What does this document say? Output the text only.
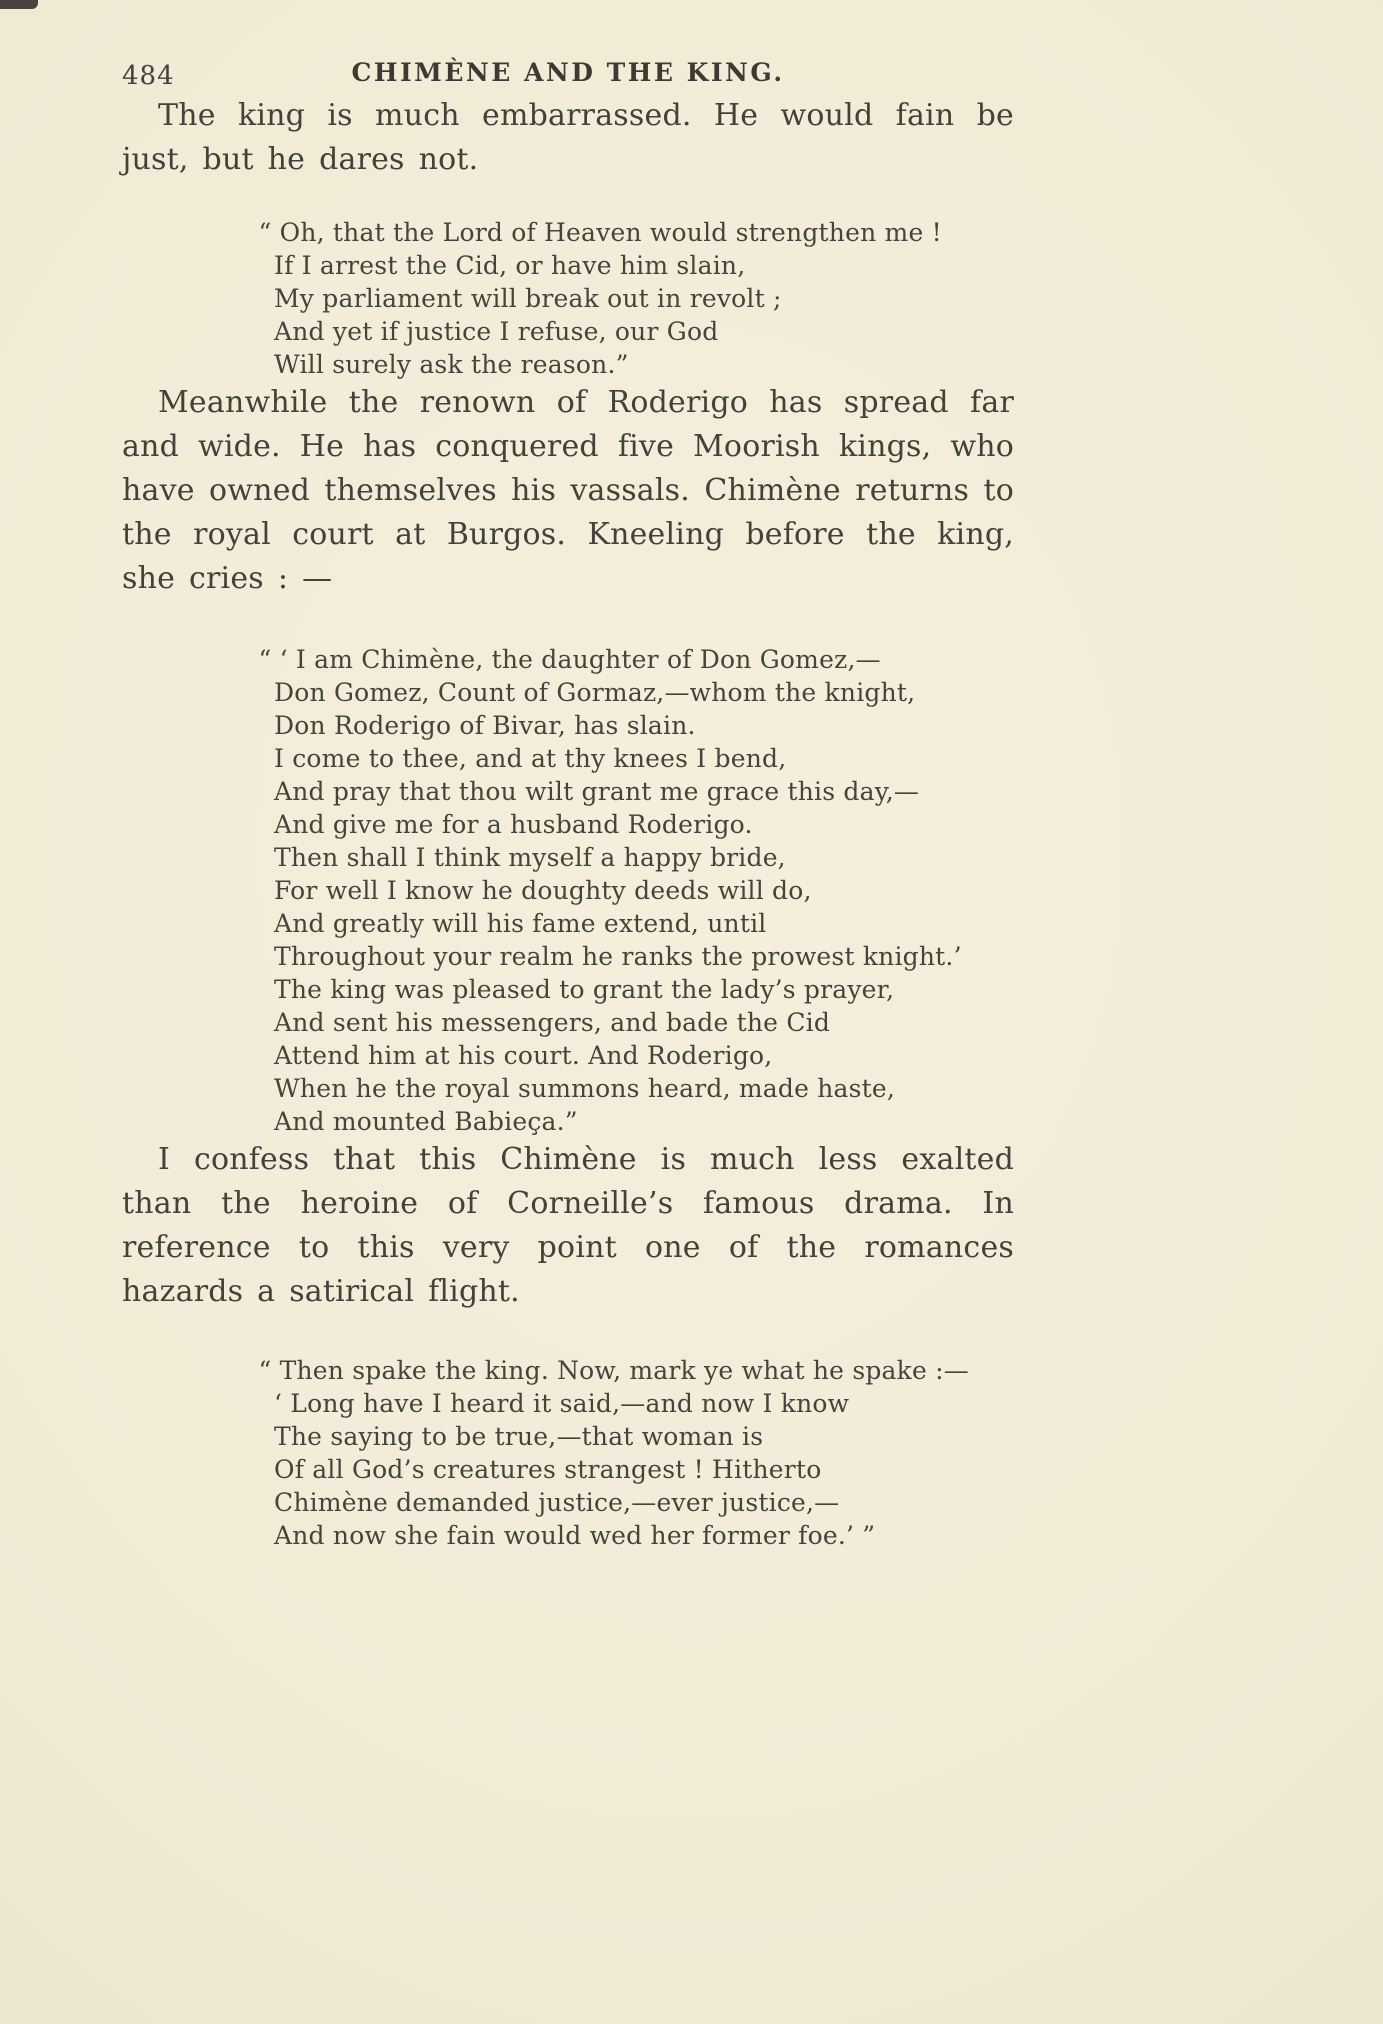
484	CHIMÈNE AND THE KING.

The king is much embarrassed. He would fain be just, but he dares not.

“ Oh, that the Lord of Heaven would strengthen me !
If I arrest the Cid, or have him slain,
My parliament will break out in revolt ;
And yet if justice I refuse, our God
Will surely ask the reason.”

Meanwhile the renown of Roderigo has spread far and wide. He has conquered five Moorish kings, who have owned themselves his vassals. Chimène returns to the royal court at Burgos. Kneeling before the king, she cries : —

“ ‘ I am Chimène, the daughter of Don Gomez,—
Don Gomez, Count of Gormaz,—whom the knight,
Don Roderigo of Bivar, has slain.
I come to thee, and at thy knees I bend,
And pray that thou wilt grant me grace this day,—
And give me for a husband Roderigo.
Then shall I think myself a happy bride,
For well I know he doughty deeds will do,
And greatly will his fame extend, until
Throughout your realm he ranks the prowest knight.’
The king was pleased to grant the lady’s prayer,
And sent his messengers, and bade the Cid
Attend him at his court. And Roderigo,
When he the royal summons heard, made haste,
And mounted Babieça.”

I confess that this Chimène is much less exalted than the heroine of Corneille’s famous drama. In reference to this very point one of the romances hazards a satirical flight.

“ Then spake the king. Now, mark ye what he spake :—
‘ Long have I heard it said,—and now I know
The saying to be true,—that woman is
Of all God’s creatures strangest ! Hitherto
Chimène demanded justice,—ever justice,—
And now she fain would wed her former foe.’ ”
